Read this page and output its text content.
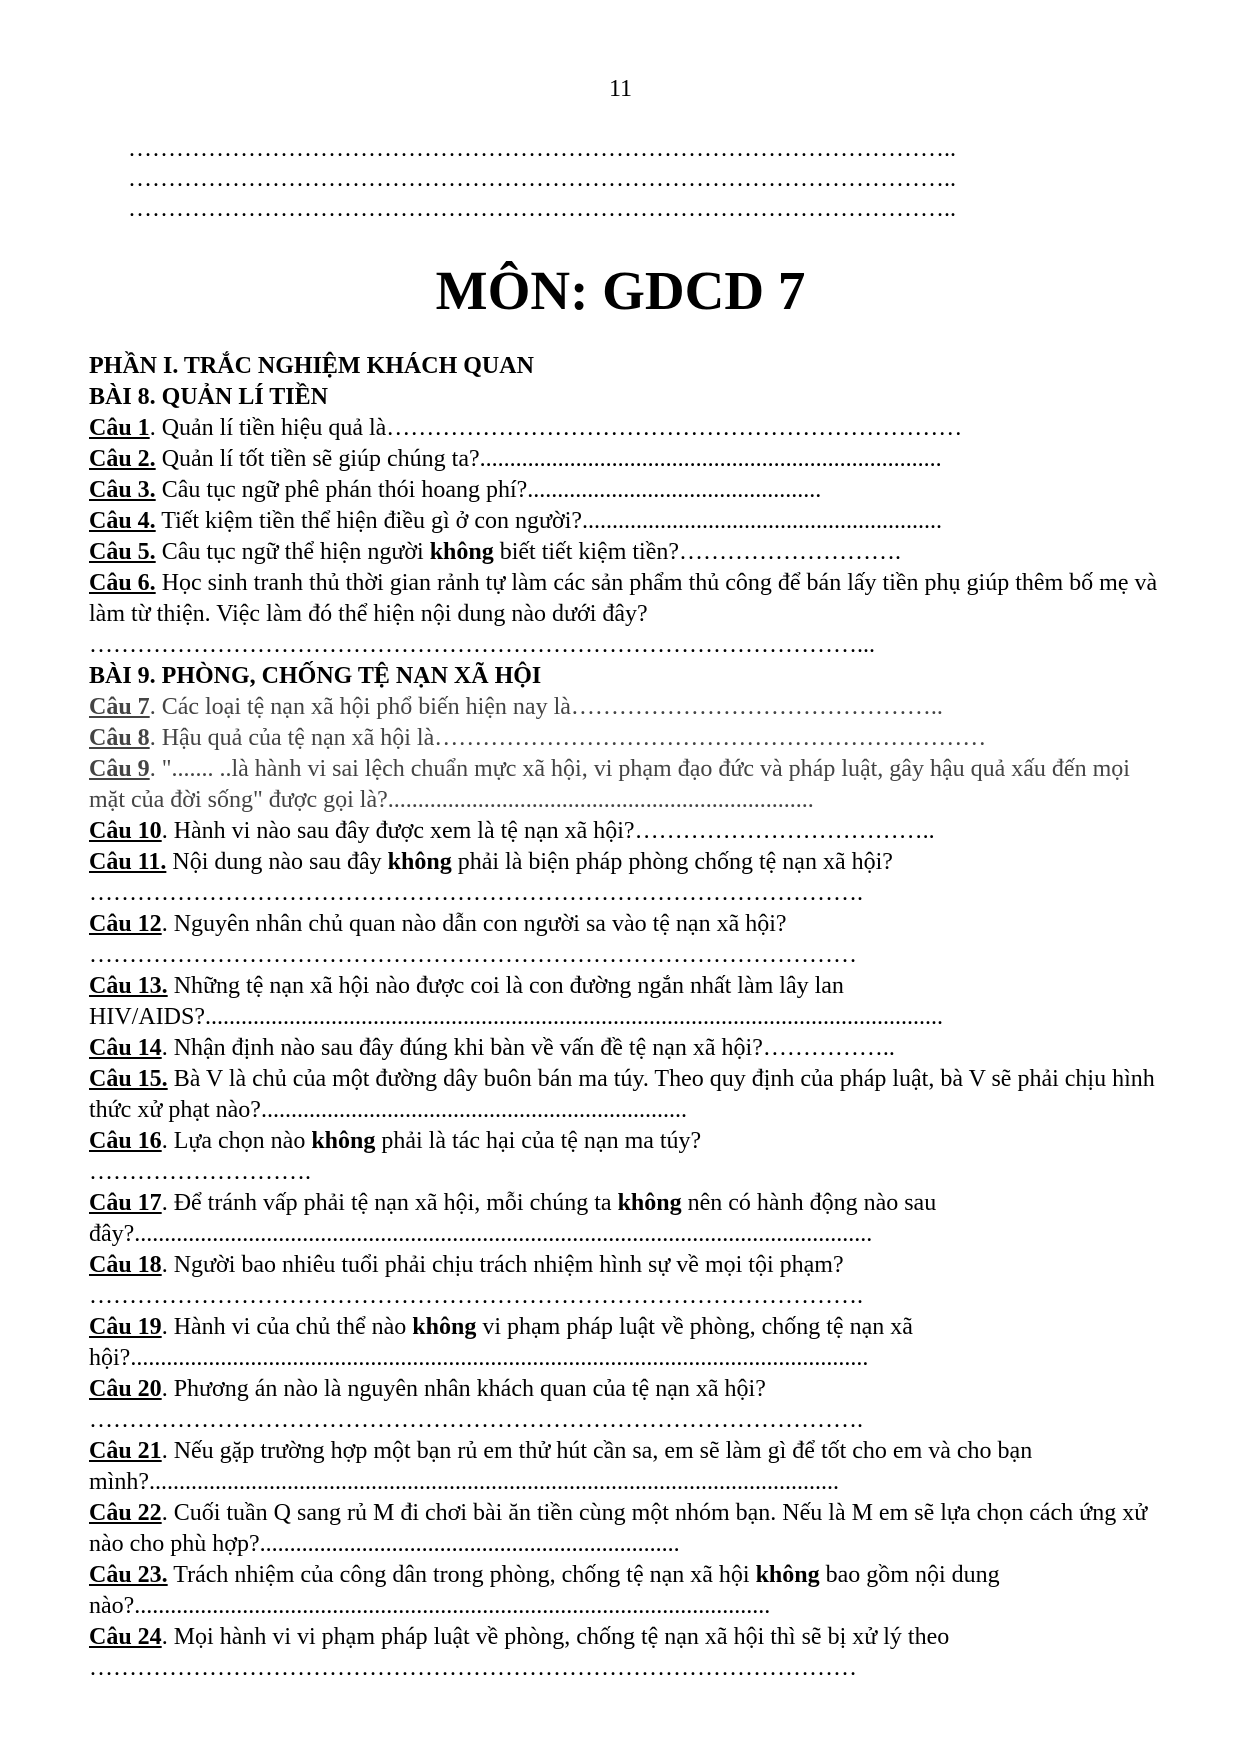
11
…………………………………………………………………………………………..
…………………………………………………………………………………………..
…………………………………………………………………………………………..
MÔN: GDCD 7
PHẦN I. TRẮC NGHIỆM KHÁCH QUAN
BÀI 8. QUẢN LÍ TIỀN
Câu 1. Quản lí tiền hiệu quả là………………………………………………………………
Câu 2. Quản lí tốt tiền sẽ giúp chúng ta?.............................................................................
Câu 3. Câu tục ngữ phê phán thói hoang phí?.................................................
Câu 4. Tiết kiệm tiền thể hiện điều gì ở con người?............................................................
Câu 5. Câu tục ngữ thể hiện người không biết tiết kiệm tiền?……………………….
Câu 6. Học sinh tranh thủ thời gian rảnh tự làm các sản phẩm thủ công để bán lấy tiền phụ giúp thêm bố mẹ và làm từ thiện. Việc làm đó thể hiện nội dung nào dưới đây?
……………………………………………………………………………………...
BÀI 9. PHÒNG, CHỐNG TỆ NẠN XÃ HỘI
Câu 7. Các loại tệ nạn xã hội phổ biến hiện nay là………………………………………..
Câu 8. Hậu quả của tệ nạn xã hội là……………………………………………………………
Câu 9. "....... ..là hành vi sai lệch chuẩn mực xã hội, vi phạm đạo đức và pháp luật, gây hậu quả xấu đến mọi mặt của đời sống" được gọi là?.......................................................................
Câu 10. Hành vi nào sau đây được xem là tệ nạn xã hội?………………………………..
Câu 11. Nội dung nào sau đây không phải là biện pháp phòng chống tệ nạn xã hội?
…………………………………………………………………………………….
Câu 12. Nguyên nhân chủ quan nào dẫn con người sa vào tệ nạn xã hội?
……………………………………………………………………………………
Câu 13. Những tệ nạn xã hội nào được coi là con đường ngắn nhất làm lây lan HIV/AIDS?...........................................................................................................................
Câu 14. Nhận định nào sau đây đúng khi bàn về vấn đề tệ nạn xã hội?……………..
Câu 15. Bà V là chủ của một đường dây buôn bán ma túy. Theo quy định của pháp luật, bà V sẽ phải chịu hình thức xử phạt nào?.......................................................................
Câu 16. Lựa chọn nào không phải là tác hại của tệ nạn ma túy?
……………………….
Câu 17. Để tránh vấp phải tệ nạn xã hội, mỗi chúng ta không nên có hành động nào sau đây?...........................................................................................................................
Câu 18. Người bao nhiêu tuổi phải chịu trách nhiệm hình sự về mọi tội phạm?
…………………………………………………………………………………….
Câu 19. Hành vi của chủ thể nào không vi phạm pháp luật về phòng, chống tệ nạn xã hội?...........................................................................................................................
Câu 20. Phương án nào là nguyên nhân khách quan của tệ nạn xã hội?
…………………………………………………………………………………….
Câu 21. Nếu gặp trường hợp một bạn rủ em thử hút cần sa, em sẽ làm gì để tốt cho em và cho bạn mình?...................................................................................................................
Câu 22. Cuối tuần Q sang rủ M đi chơi bài ăn tiền cùng một nhóm bạn. Nếu là M em sẽ lựa chọn cách ứng xử nào cho phù hợp?......................................................................
Câu 23. Trách nhiệm của công dân trong phòng, chống tệ nạn xã hội không bao gồm nội dung nào?..........................................................................................................
Câu 24. Mọi hành vi vi phạm pháp luật về phòng, chống tệ nạn xã hội thì sẽ bị xử lý theo
……………………………………………………………………………………
